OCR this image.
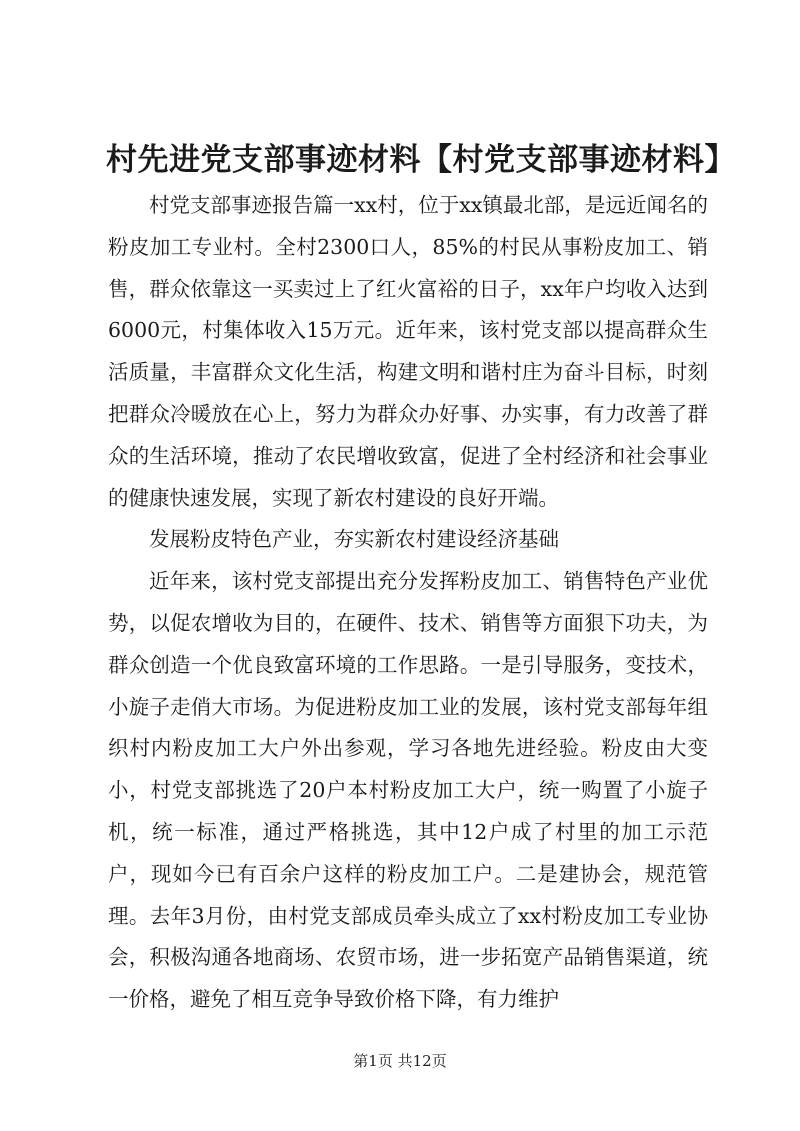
村先进党支部事迹材料【村党支部事迹材料】

村党支部事迹报告篇一xx村，位于xx镇最北部，是远近闻名的粉皮加工专业村。全村2300口人，85%的村民从事粉皮加工、销售，群众依靠这一买卖过上了红火富裕的日子，xx年户均收入达到6000元，村集体收入15万元。近年来，该村党支部以提高群众生活质量，丰富群众文化生活，构建文明和谐村庄为奋斗目标，时刻把群众冷暖放在心上，努力为群众办好事、办实事，有力改善了群众的生活环境，推动了农民增收致富，促进了全村经济和社会事业的健康快速发展，实现了新农村建设的良好开端。

发展粉皮特色产业，夯实新农村建设经济基础

近年来，该村党支部提出充分发挥粉皮加工、销售特色产业优势，以促农增收为目的，在硬件、技术、销售等方面狠下功夫，为群众创造一个优良致富环境的工作思路。一是引导服务，变技术，小旋子走俏大市场。为促进粉皮加工业的发展，该村党支部每年组织村内粉皮加工大户外出参观，学习各地先进经验。粉皮由大变小，村党支部挑选了20户本村粉皮加工大户，统一购置了小旋子机，统一标准，通过严格挑选，其中12户成了村里的加工示范户，现如今已有百余户这样的粉皮加工户。二是建协会，规范管理。去年3月份，由村党支部成员牵头成立了xx村粉皮加工专业协会，积极沟通各地商场、农贸市场，进一步拓宽产品销售渠道，统一价格，避免了相互竞争导致价格下降，有力维护

第1页 共12页
